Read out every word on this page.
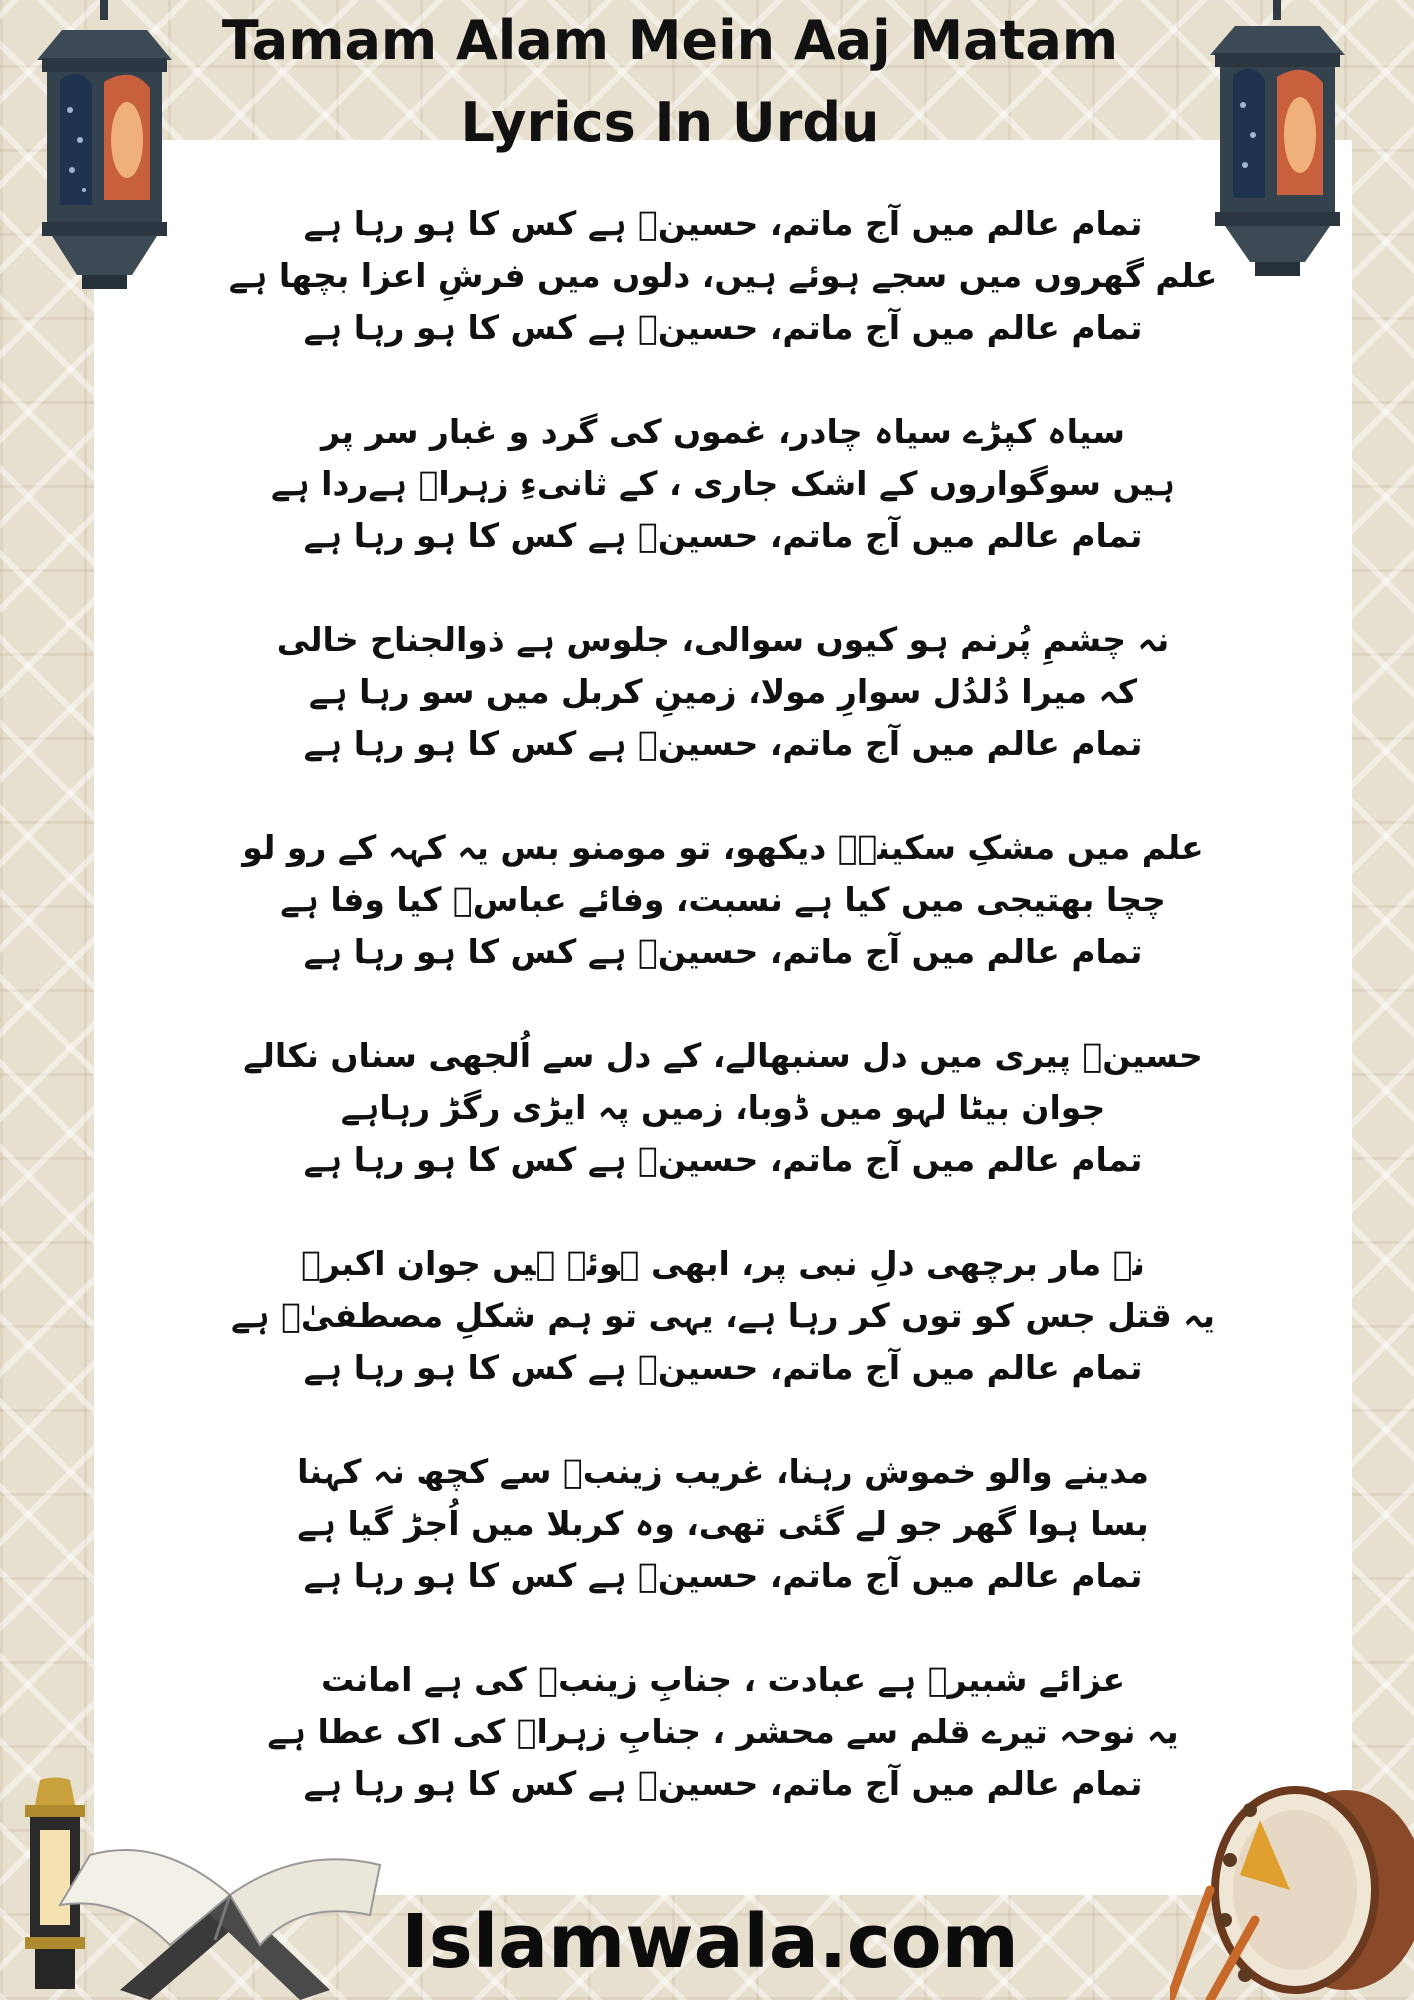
Tamam Alam Mein Aaj Matam
Lyrics In Urdu
تمام عالم میں آج ماتم، حسینؑ ہے کس کا ہو رہا ہے
علم گھروں میں سجے ہوئے ہیں، دلوں میں فرشِ اعزا بچھا ہے
تمام عالم میں آج ماتم، حسینؑ ہے کس کا ہو رہا ہے
سیاہ کپڑے سیاہ چادر، غموں کی گرد و غبار سر پر
ہیں سوگواروں کے اشک جاری ، کے ثانیءِ زہراؑ ہےردا ہے
تمام عالم میں آج ماتم، حسینؑ ہے کس کا ہو رہا ہے
نہ چشمِ پُرنم ہو کیوں سوالی، جلوس ہے ذوالجناح خالی
کہ میرا دُلدُل سوارِ مولا، زمینِ کربل میں سو رہا ہے
تمام عالم میں آج ماتم، حسینؑ ہے کس کا ہو رہا ہے
علم میں مشکِ سکینہؑ دیکھو، تو مومنو بس یہ کہہ کے رو لو
چچا بھتیجی میں کیا ہے نسبت، وفائے عباسؑ کیا وفا ہے
تمام عالم میں آج ماتم، حسینؑ ہے کس کا ہو رہا ہے
حسینؑ پیری میں دل سنبھالے، کے دل سے اُلجھی سناں نکالے
جوان بیٹا لہو میں ڈوبا، زمیں پہ ایڑی رگڑ رہاہے
تمام عالم میں آج ماتم، حسینؑ ہے کس کا ہو رہا ہے
نہ مار برچھی دلِ نبی پر، ابھی ہوئے ہیں جوان اکبرؑ
یہ قتل جس کو توں کر رہا ہے، یہی تو ہم شکلِ مصطفیٰؐ ہے
تمام عالم میں آج ماتم، حسینؑ ہے کس کا ہو رہا ہے
مدینے والو خموش رہنا، غریب زینبؑ سے کچھ نہ کہنا
بسا ہوا گھر جو لے گئی تھی، وہ کربلا میں اُجڑ گیا ہے
تمام عالم میں آج ماتم، حسینؑ ہے کس کا ہو رہا ہے
عزائے شبیرؑ ہے عبادت ، جنابِ زینبؑ کی ہے امانت
یہ نوحہ تیرے قلم سے محشر ، جنابِ زہراؑ کی اک عطا ہے
تمام عالم میں آج ماتم، حسینؑ ہے کس کا ہو رہا ہے
Islamwala.com
